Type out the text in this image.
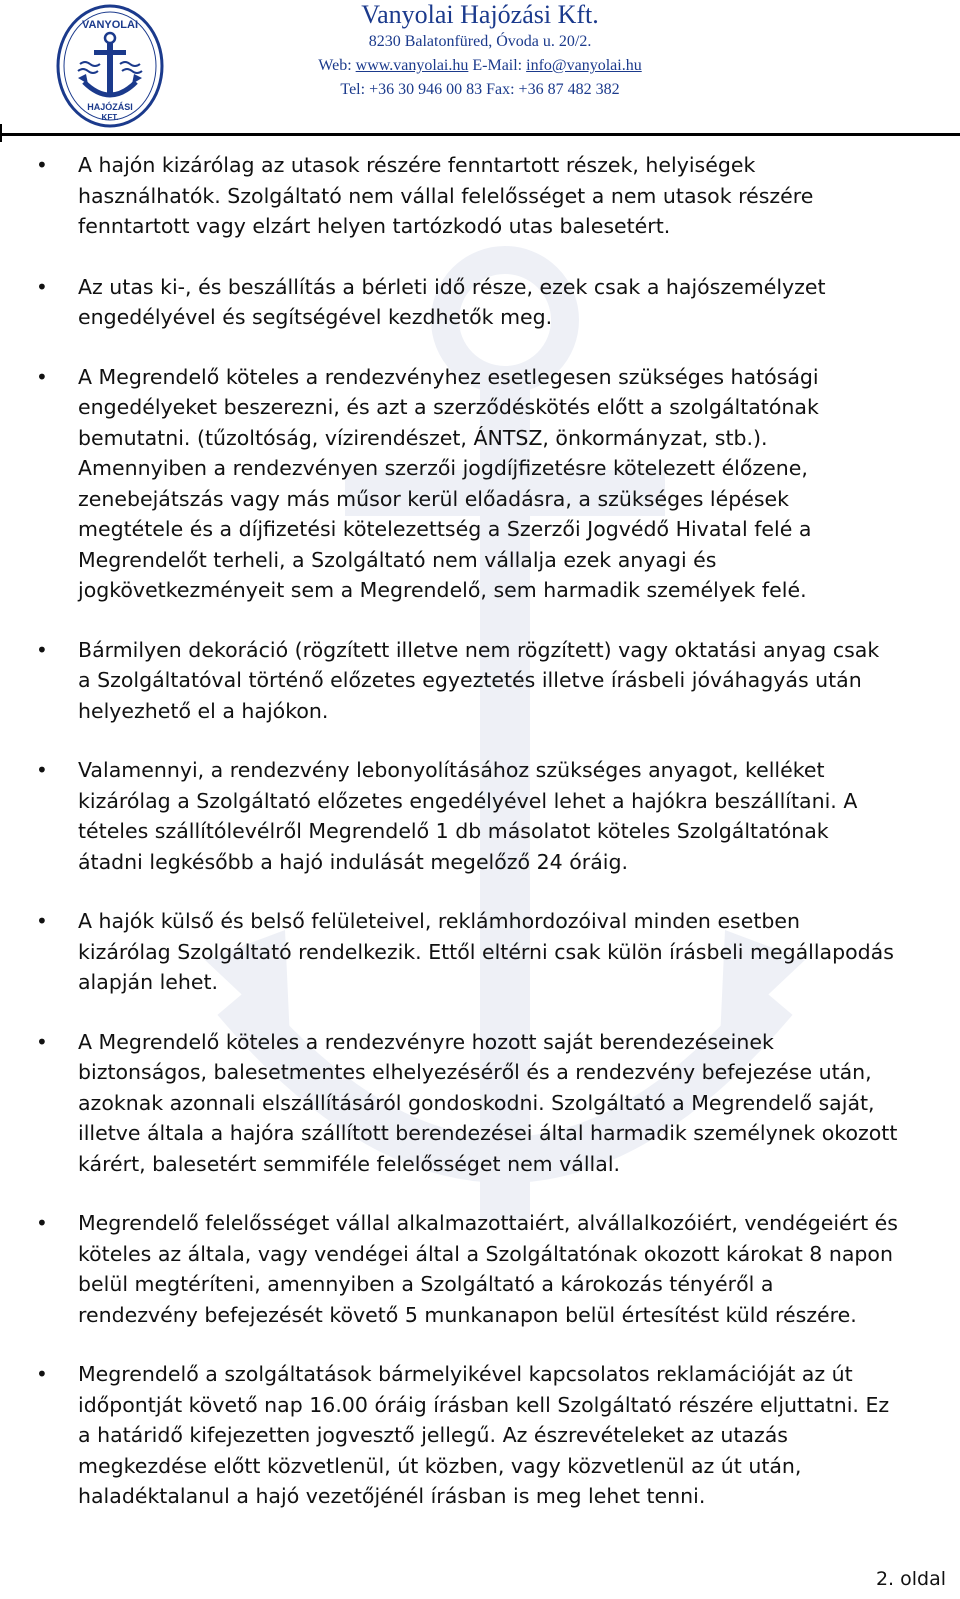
VANYOLAI
HAJÓZÁSI
KFT.
Vanyolai Hajózási Kft.
8230 Balatonfüred, Óvoda u. 20/2.
Web: www.vanyolai.hu E-Mail: info@vanyolai.hu
Tel: +36 30 946 00 83 Fax: +36 87 482 382
• A hajón kizárólag az utasok részére fenntartott részek, helyiségek
használhatók. Szolgáltató nem vállal felelősséget a nem utasok részére
fenntartott vagy elzárt helyen tartózkodó utas balesetért.
• Az utas ki-, és beszállítás a bérleti idő része, ezek csak a hajószemélyzet
engedélyével és segítségével kezdhetők meg.
• A Megrendelő köteles a rendezvényhez esetlegesen szükséges hatósági
engedélyeket beszerezni, és azt a szerződéskötés előtt a szolgáltatónak
bemutatni. (tűzoltóság, vízirendészet, ÁNTSZ, önkormányzat, stb.).
Amennyiben a rendezvényen szerzői jogdíjfizetésre kötelezett élőzene,
zenebejátszás vagy más műsor kerül előadásra, a szükséges lépések
megtétele és a díjfizetési kötelezettség a Szerzői Jogvédő Hivatal felé a
Megrendelőt terheli, a Szolgáltató nem vállalja ezek anyagi és
jogkövetkezményeit sem a Megrendelő, sem harmadik személyek felé.
• Bármilyen dekoráció (rögzített illetve nem rögzített) vagy oktatási anyag csak
a Szolgáltatóval történő előzetes egyeztetés illetve írásbeli jóváhagyás után
helyezhető el a hajókon.
• Valamennyi, a rendezvény lebonyolításához szükséges anyagot, kelléket
kizárólag a Szolgáltató előzetes engedélyével lehet a hajókra beszállítani. A
tételes szállítólevélről Megrendelő 1 db másolatot köteles Szolgáltatónak
átadni legkésőbb a hajó indulását megelőző 24 óráig.
• A hajók külső és belső felületeivel, reklámhordozóival minden esetben
kizárólag Szolgáltató rendelkezik. Ettől eltérni csak külön írásbeli megállapodás
alapján lehet.
• A Megrendelő köteles a rendezvényre hozott saját berendezéseinek
biztonságos, balesetmentes elhelyezéséről és a rendezvény befejezése után,
azoknak azonnali elszállításáról gondoskodni. Szolgáltató a Megrendelő saját,
illetve általa a hajóra szállított berendezései által harmadik személynek okozott
kárért, balesetért semmiféle felelősséget nem vállal.
• Megrendelő felelősséget vállal alkalmazottaiért, alvállalkozóiért, vendégeiért és
köteles az általa, vagy vendégei által a Szolgáltatónak okozott károkat 8 napon
belül megtéríteni, amennyiben a Szolgáltató a károkozás tényéről a
rendezvény befejezését követő 5 munkanapon belül értesítést küld részére.
• Megrendelő a szolgáltatások bármelyikével kapcsolatos reklamációját az út
időpontját követő nap 16.00 óráig írásban kell Szolgáltató részére eljuttatni. Ez
a határidő kifejezetten jogvesztő jellegű. Az észrevételeket az utazás
megkezdése előtt közvetlenül, út közben, vagy közvetlenül az út után,
haladéktalanul a hajó vezetőjénél írásban is meg lehet tenni.
2. oldal
